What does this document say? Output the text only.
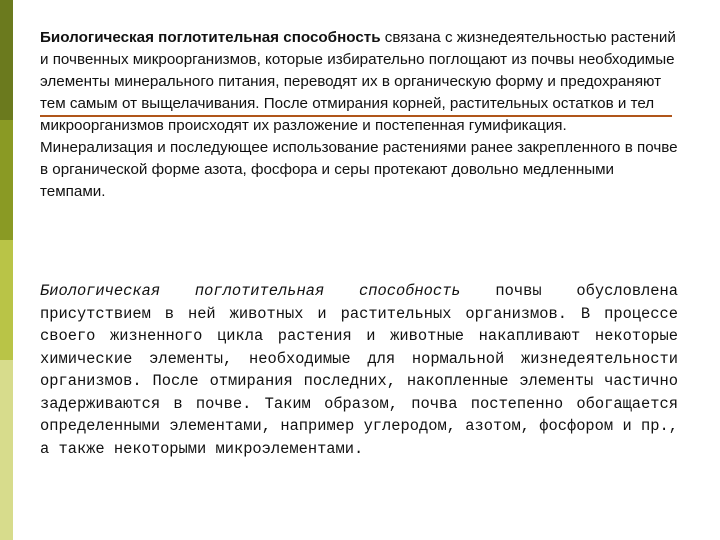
Биологическая поглотительная способность связана с жизнедеятельностью растений и почвенных микроорганизмов, которые избирательно поглощают из почвы необходимые элементы минерального питания, переводят их в органическую форму и предохраняют тем самым от выщелачивания. После отмирания корней, растительных остатков и тел микроорганизмов происходят их разложение и постепенная гумификация. Минерализация и последующее использование растениями ранее закрепленного в почве в органической форме азота, фосфора и серы протекают довольно медленными темпами.
Биологическая поглотительная способность почвы обусловлена присутствием в ней животных и растительных организмов. В процессе своего жизненного цикла растения и животные накапливают некоторые химические элементы, необходимые для нормальной жизнедеятельности организмов. После отмирания последних, накопленные элементы частично задерживаются в почве. Таким образом, почва постепенно обогащается определенными элементами, например углеродом, азотом, фосфором и пр., а также некоторыми микроэлементами.
